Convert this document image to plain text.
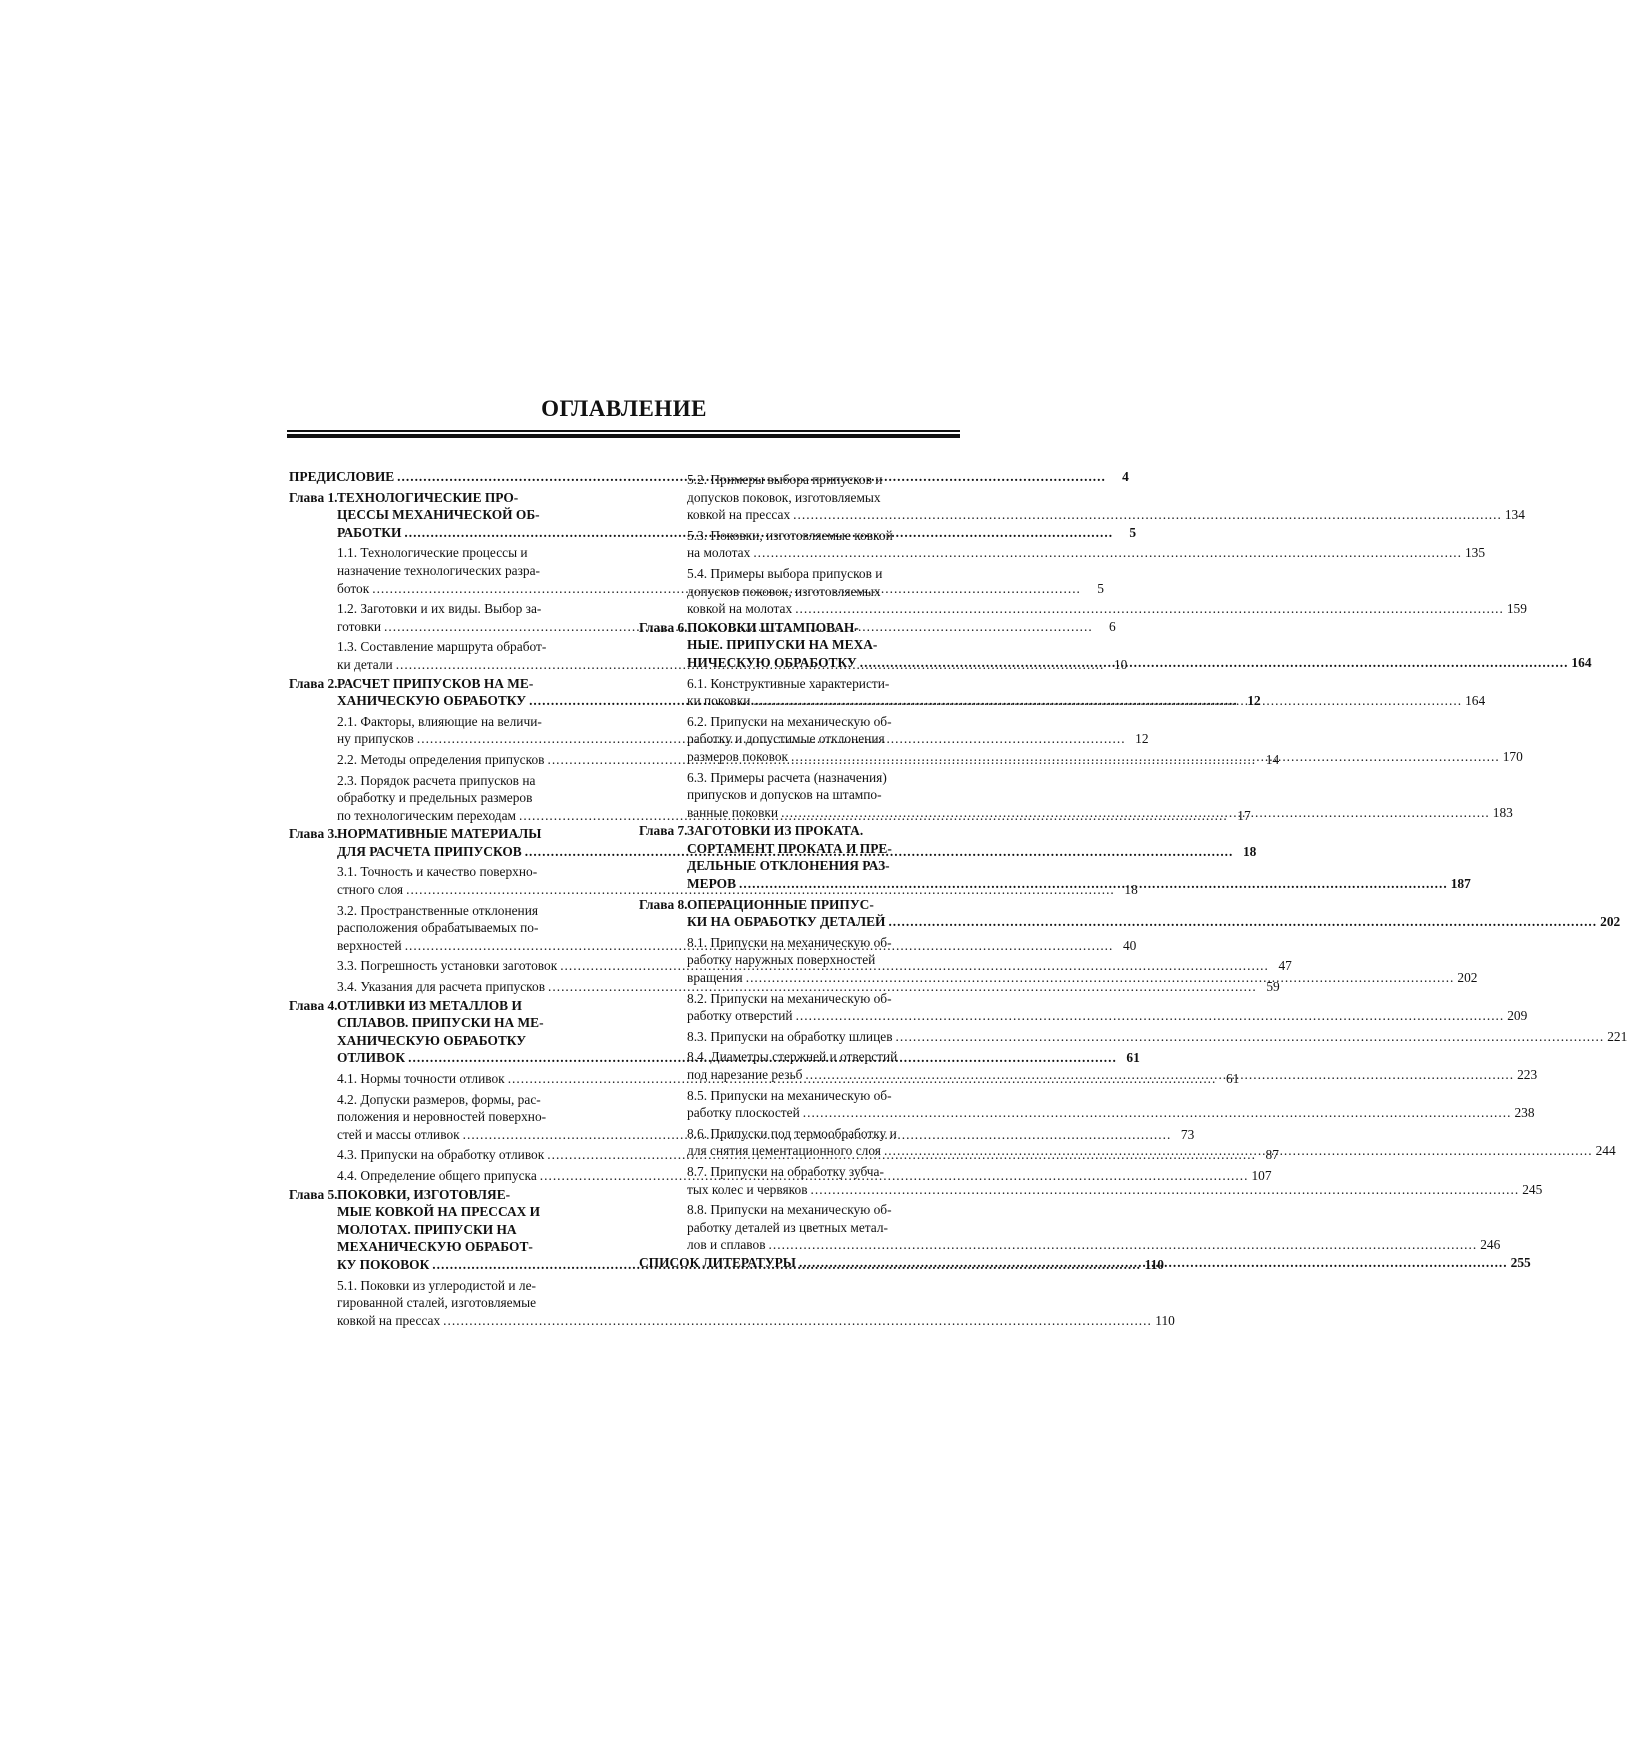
ОГЛАВЛЕНИЕ
ПРЕДИСЛОВИЕ .....	4
Глава 1. ТЕХНОЛОГИЧЕСКИЕ ПРО-
ЦЕССЫ МЕХАНИЧЕСКОЙ ОБ-
РАБОТКИ .....	5
1.1. Технологические процессы и
назначение технологических разра-
боток .....	5
1.2. Заготовки и их виды. Выбор за-
готовки .....	6
1.3. Составление маршрута обработ-
ки детали .....	10
Глава 2. РАСЧЕТ ПРИПУСКОВ НА МЕ-
ХАНИЧЕСКУЮ ОБРАБОТКУ .....	12
2.1. Факторы, влияющие на величи-
ну припусков .....	12
2.2. Методы определения припусков .....	14
2.3. Порядок расчета припусков на
обработку и предельных размеров
по технологическим переходам .....	17
Глава 3. НОРМАТИВНЫЕ МАТЕРИАЛЫ
ДЛЯ РАСЧЕТА ПРИПУСКОВ .....	18
3.1. Точность и качество поверхно-
стного слоя .....	18
3.2. Пространственные отклонения
расположения обрабатываемых по-
верхностей .....	40
3.3. Погрешность установки заготовок .....	47
3.4. Указания для расчета припусков .....	59
Глава 4. ОТЛИВКИ ИЗ МЕТАЛЛОВ И
СПЛАВОВ. ПРИПУСКИ НА МЕ-
ХАНИЧЕСКУЮ ОБРАБОТКУ
ОТЛИВОК .....	61
4.1. Нормы точности отливок .....	61
4.2. Допуски размеров, формы, рас-
положения и неровностей поверхно-
стей и массы отливок .....	73
4.3. Припуски на обработку отливок .....	87
4.4. Определение общего припуска .....	107
Глава 5. ПОКОВКИ, ИЗГОТОВЛЯЕ-
МЫЕ КОВКОЙ НА ПРЕССАХ И
МОЛОТАХ. ПРИПУСКИ НА
МЕХАНИЧЕСКУЮ ОБРАБОТ-
КУ ПОКОВОК .....	110
5.1. Поковки из углеродистой и ле-
гированной сталей, изготовляемые
ковкой на прессах .....	110
5.2. Примеры выбора припусков и
допусков поковок, изготовляемых
ковкой на прессах .....	134
5.3. Поковки, изготовляемые ковкой
на молотах .....	135
5.4. Примеры выбора припусков и
допусков поковок, изготовляемых
ковкой на молотах .....	159
Глава 6. ПОКОВКИ ШТАМПОВАН-
НЫЕ. ПРИПУСКИ НА МЕХА-
НИЧЕСКУЮ ОБРАБОТКУ .....	164
6.1. Конструктивные характеристи-
ки поковки .....	164
6.2. Припуски на механическую об-
работку и допустимые отклонения
размеров поковок .....	170
6.3. Примеры расчета (назначения)
припусков и допусков на штампо-
ванные поковки .....	183
Глава 7. ЗАГОТОВКИ ИЗ ПРОКАТА.
СОРТАМЕНТ ПРОКАТА И ПРЕ-
ДЕЛЬНЫЕ ОТКЛОНЕНИЯ РАЗ-
МЕРОВ .....	187
Глава 8. ОПЕРАЦИОННЫЕ ПРИПУС-
КИ НА ОБРАБОТКУ ДЕТАЛЕЙ .....	202
8.1. Припуски на механическую об-
работку наружных поверхностей
вращения .....	202
8.2. Припуски на механическую об-
работку отверстий .....	209
8.3. Припуски на обработку шлицев .....	221
8.4. Диаметры стержней и отверстий
под нарезание резьб .....	223
8.5. Припуски на механическую об-
работку плоскостей .....	238
8.6. Припуски под термообработку и
для снятия цементационного слоя .....	244
8.7. Припуски на обработку зубча-
тых колес и червяков .....	245
8.8. Припуски на механическую об-
работку деталей из цветных метал-
лов и сплавов .....	246
СПИСОК ЛИТЕРАТУРЫ .....	255
